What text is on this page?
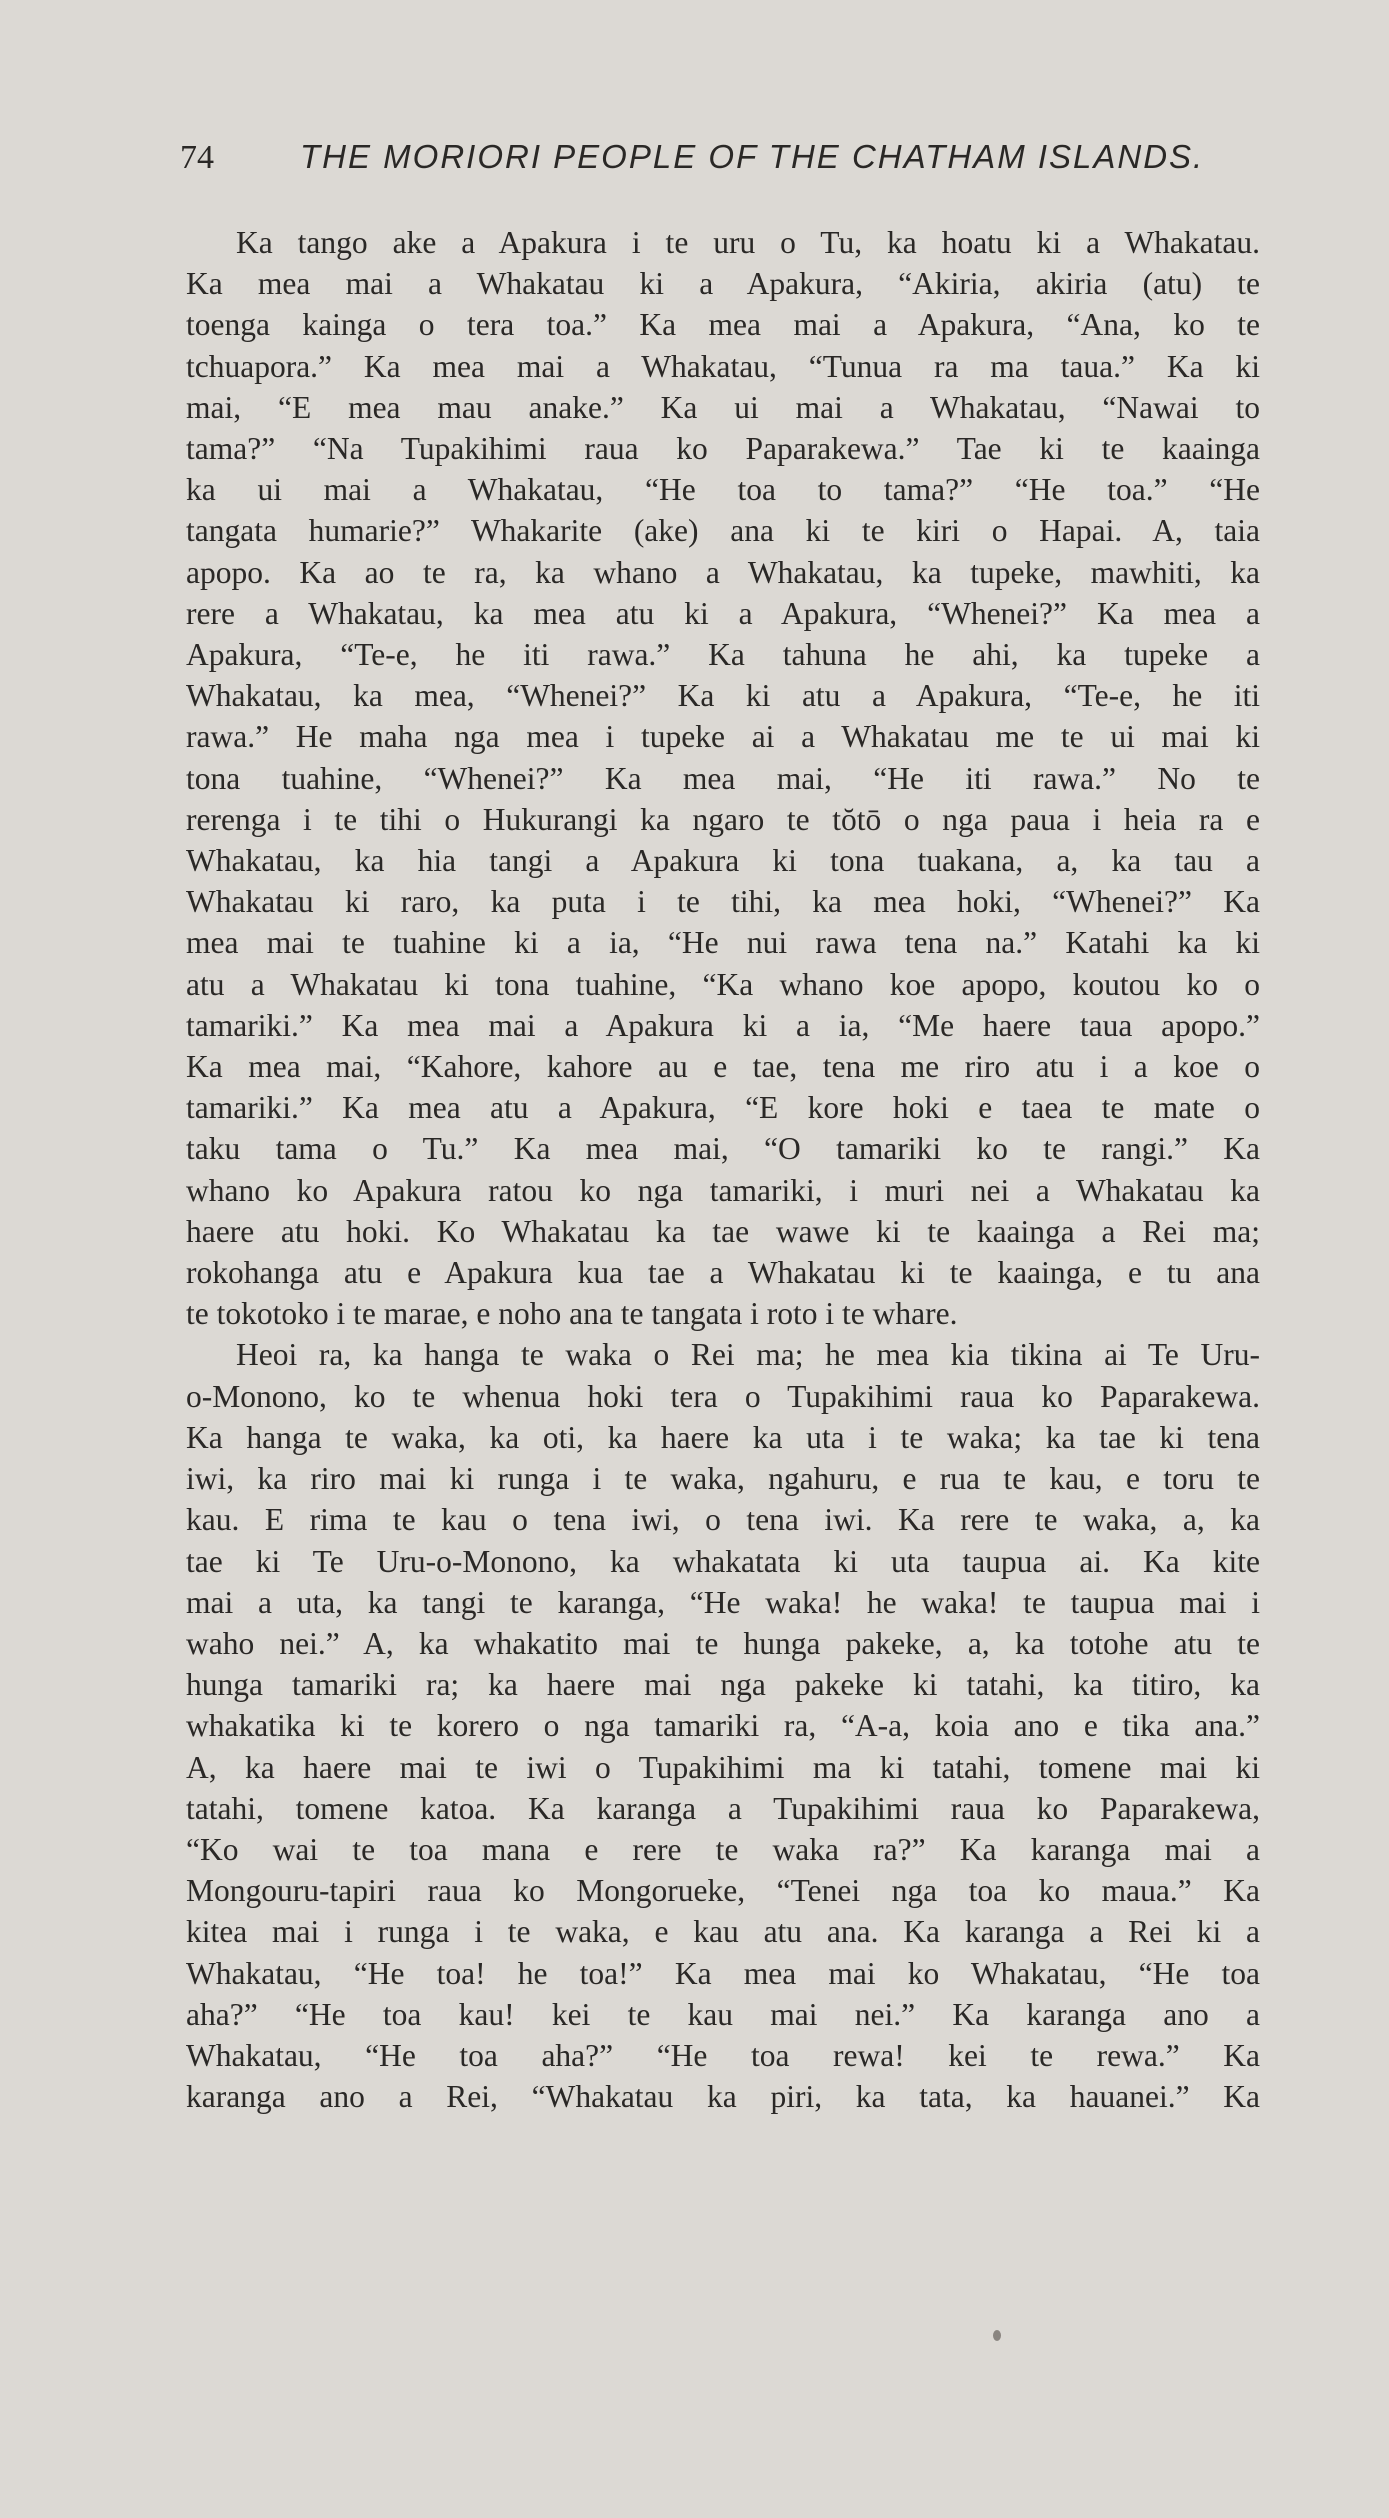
74	THE MORIORI PEOPLE OF THE CHATHAM ISLANDS.

Ka tango ake a Apakura i te uru o Tu, ka hoatu ki a Whakatau.

Ka mea mai a Whakatau ki a Apakura, “Akiria, akiria (atu) te

toenga kainga o tera toa.” Ka mea mai a Apakura, “Ana, ko te

tchuapora.” Ka mea mai a Whakatau, “Tunua ra ma taua.” Ka ki

mai, “E mea mau anake.” Ka ui mai a Whakatau, “Nawai to

tama?” “Na Tupakihimi raua ko Paparakewa.” Tae ki te kaainga

ka ui mai a Whakatau, “He toa to tama?” “He toa.” “He

tangata humarie?” Whakarite (ake) ana ki te kiri o Hapai. A, taia

apopo. Ka ao te ra, ka whano a Whakatau, ka tupeke, mawhiti, ka

rere a Whakatau, ka mea atu ki a Apakura, “Whenei?” Ka mea a

Apakura, “Te-e, he iti rawa.” Ka tahuna he ahi, ka tupeke a

Whakatau, ka mea, “Whenei?” Ka ki atu a Apakura, “Te-e, he iti

rawa.” He maha nga mea i tupeke ai a Whakatau me te ui mai ki

tona tuahine, “Whenei?” Ka mea mai, “He iti rawa.” No te

rerenga i te tihi o Hukurangi ka ngaro te tŏtō o nga paua i heia ra e

Whakatau, ka hia tangi a Apakura ki tona tuakana, a, ka tau a

Whakatau ki raro, ka puta i te tihi, ka mea hoki, “Whenei?” Ka

mea mai te tuahine ki a ia, “He nui rawa tena na.” Katahi ka ki

atu a Whakatau ki tona tuahine, “Ka whano koe apopo, koutou ko o

tamariki.” Ka mea mai a Apakura ki a ia, “Me haere taua apopo.”

Ka mea mai, “Kahore, kahore au e tae, tena me riro atu i a koe o

tamariki.” Ka mea atu a Apakura, “E kore hoki e taea te mate o

taku tama o Tu.” Ka mea mai, “O tamariki ko te rangi.” Ka

whano ko Apakura ratou ko nga tamariki, i muri nei a Whakatau ka

haere atu hoki. Ko Whakatau ka tae wawe ki te kaainga a Rei ma;

rokohanga atu e Apakura kua tae a Whakatau ki te kaainga, e tu ana

te tokotoko i te marae, e noho ana te tangata i roto i te whare.

Heoi ra, ka hanga te waka o Rei ma; he mea kia tikina ai Te Uru-

o-Monono, ko te whenua hoki tera o Tupakihimi raua ko Paparakewa.

Ka hanga te waka, ka oti, ka haere ka uta i te waka; ka tae ki tena

iwi, ka riro mai ki runga i te waka, ngahuru, e rua te kau, e toru te

kau. E rima te kau o tena iwi, o tena iwi. Ka rere te waka, a, ka

tae ki Te Uru-o-Monono, ka whakatata ki uta taupua ai. Ka kite

mai a uta, ka tangi te karanga, “He waka! he waka! te taupua mai i

waho nei.” A, ka whakatito mai te hunga pakeke, a, ka totohe atu te

hunga tamariki ra; ka haere mai nga pakeke ki tatahi, ka titiro, ka

whakatika ki te korero o nga tamariki ra, “A-a, koia ano e tika ana.”

A, ka haere mai te iwi o Tupakihimi ma ki tatahi, tomene mai ki

tatahi, tomene katoa. Ka karanga a Tupakihimi raua ko Paparakewa,

“Ko wai te toa mana e rere te waka ra?” Ka karanga mai a

Mongouru-tapiri raua ko Mongorueke, “Tenei nga toa ko maua.” Ka

kitea mai i runga i te waka, e kau atu ana. Ka karanga a Rei ki a

Whakatau, “He toa! he toa!” Ka mea mai ko Whakatau, “He toa

aha?” “He toa kau! kei te kau mai nei.” Ka karanga ano a

Whakatau, “He toa aha?” “He toa rewa! kei te rewa.” Ka

karanga ano a Rei, “Whakatau ka piri, ka tata, ka hauanei.” Ka
